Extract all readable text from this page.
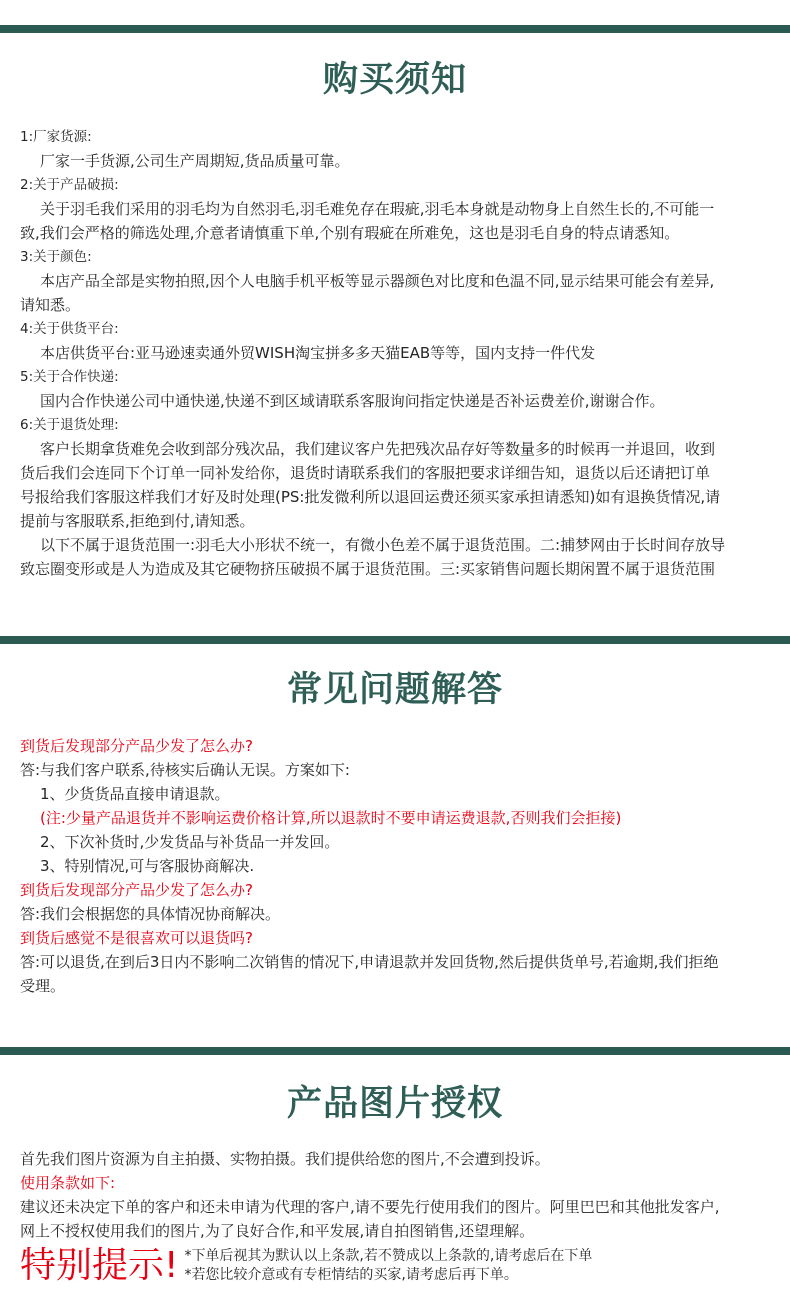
购买须知
1:厂家货源:
厂家一手货源,公司生产周期短,货品质量可靠。
2:关于产品破损:
关于羽毛我们采用的羽毛均为自然羽毛,羽毛难免存在瑕疵,羽毛本身就是动物身上自然生长的,不可能一
致,我们会严格的筛选处理,介意者请慎重下单,个别有瑕疵在所难免，这也是羽毛自身的特点请悉知。
3:关于颜色:
本店产品全部是实物拍照,因个人电脑手机平板等显示器颜色对比度和色温不同,显示结果可能会有差异,
请知悉。
4:关于供货平台:
本店供货平台:亚马逊速卖通外贸WISH淘宝拼多多天猫EAB等等，国内支持一件代发
5:关于合作快递:
国内合作快递公司中通快递,快递不到区域请联系客服询问指定快递是否补运费差价,谢谢合作。
6:关于退货处理:
客户长期拿货难免会收到部分残次品，我们建议客户先把残次品存好等数量多的时候再一并退回，收到
货后我们会连同下个订单一同补发给你，退货时请联系我们的客服把要求详细告知，退货以后还请把订单
号报给我们客服这样我们才好及时处理(PS:批发微利所以退回运费还须买家承担请悉知)如有退换货情况,请
提前与客服联系,拒绝到付,请知悉。
以下不属于退货范围一:羽毛大小形状不统一，有微小色差不属于退货范围。二:捕梦网由于长时间存放导
致忘圈变形或是人为造成及其它硬物挤压破损不属于退货范围。三:买家销售问题长期闲置不属于退货范围
常见问题解答
到货后发现部分产品少发了怎么办?
答:与我们客户联系,待核实后确认无误。方案如下:
1、少货货品直接申请退款。
(注:少量产品退货并不影响运费价格计算,所以退款时不要申请运费退款,否则我们会拒接)
2、下次补货时,少发货品与补货品一并发回。
3、特别情况,可与客服协商解决.
到货后发现部分产品少发了怎么办?
答:我们会根据您的具体情况协商解决。
到货后感觉不是很喜欢可以退货吗?
答:可以退货,在到后3日内不影响二次销售的情况下,申请退款并发回货物,然后提供货单号,若逾期,我们拒绝
受理。
产品图片授权
首先我们图片资源为自主拍摄、实物拍摄。我们提供给您的图片,不会遭到投诉。
使用条款如下:
建议还未决定下单的客户和还未申请为代理的客户,请不要先行使用我们的图片。阿里巴巴和其他批发客户,
网上不授权使用我们的图片,为了良好合作,和平发展,请自拍图销售,还望理解。
特别提示! *下单后视其为默认以上条款,若不赞成以上条款的,请考虑后在下单
*若您比较介意或有专柜情结的买家,请考虑后再下单。
